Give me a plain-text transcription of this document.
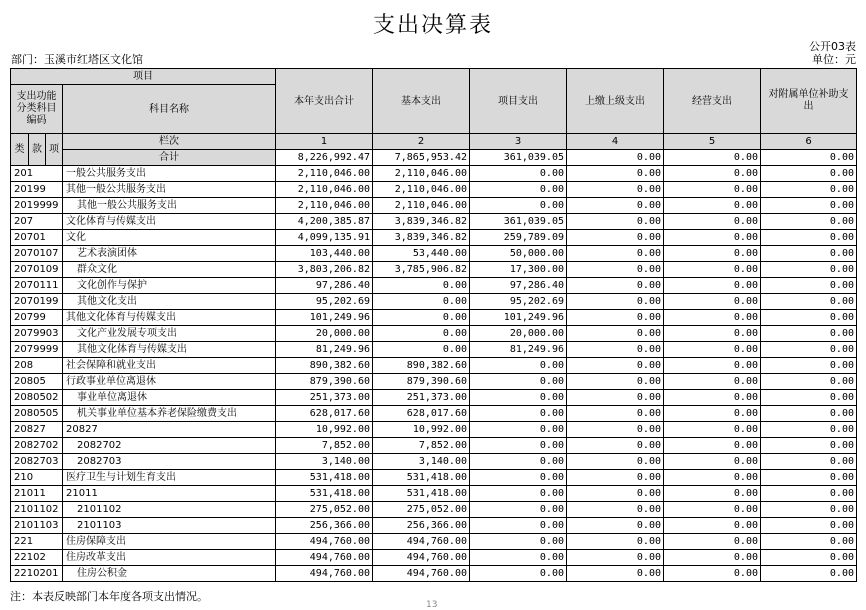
支出决算表
公开03表
部门：玉溪市红塔区文化馆	单位：元
项目				本年支出合计	基本支出	项目支出	上缴上级支出	经营支出	对附属单位补助支出
支出功能分类科目编码			科目名称						

类	款	项	栏次	1	2	3	4	5	6
			合计	8,226,992.47	7,865,953.42	361,039.05	0.00	0.00	0.00
201			一般公共服务支出	2,110,046.00	2,110,046.00	0.00	0.00	0.00	0.00
20199			其他一般公共服务支出	2,110,046.00	2,110,046.00	0.00	0.00	0.00	0.00
2019999			其他一般公共服务支出	2,110,046.00	2,110,046.00	0.00	0.00	0.00	0.00
207			文化体育与传媒支出	4,200,385.87	3,839,346.82	361,039.05	0.00	0.00	0.00
20701			文化	4,099,135.91	3,839,346.82	259,789.09	0.00	0.00	0.00
2070107			艺术表演团体	103,440.00	53,440.00	50,000.00	0.00	0.00	0.00
2070109			群众文化	3,803,206.82	3,785,906.82	17,300.00	0.00	0.00	0.00
2070111			文化创作与保护	97,286.40	0.00	97,286.40	0.00	0.00	0.00
2070199			其他文化支出	95,202.69	0.00	95,202.69	0.00	0.00	0.00
20799			其他文化体育与传媒支出	101,249.96	0.00	101,249.96	0.00	0.00	0.00
2079903			文化产业发展专项支出	20,000.00	0.00	20,000.00	0.00	0.00	0.00
2079999			其他文化体育与传媒支出	81,249.96	0.00	81,249.96	0.00	0.00	0.00
208			社会保障和就业支出	890,382.60	890,382.60	0.00	0.00	0.00	0.00
20805			行政事业单位离退休	879,390.60	879,390.60	0.00	0.00	0.00	0.00
2080502			事业单位离退休	251,373.00	251,373.00	0.00	0.00	0.00	0.00
2080505			机关事业单位基本养老保险缴费支出	628,017.60	628,017.60	0.00	0.00	0.00	0.00
20827			20827	10,992.00	10,992.00	0.00	0.00	0.00	0.00
2082702			2082702	7,852.00	7,852.00	0.00	0.00	0.00	0.00
2082703			2082703	3,140.00	3,140.00	0.00	0.00	0.00	0.00
210			医疗卫生与计划生育支出	531,418.00	531,418.00	0.00	0.00	0.00	0.00
21011			21011	531,418.00	531,418.00	0.00	0.00	0.00	0.00
2101102			2101102	275,052.00	275,052.00	0.00	0.00	0.00	0.00
2101103			2101103	256,366.00	256,366.00	0.00	0.00	0.00	0.00
221			住房保障支出	494,760.00	494,760.00	0.00	0.00	0.00	0.00
22102			住房改革支出	494,760.00	494,760.00	0.00	0.00	0.00	0.00
2210201			住房公积金	494,760.00	494,760.00	0.00	0.00	0.00	0.00
注：本表反映部门本年度各项支出情况。
13
